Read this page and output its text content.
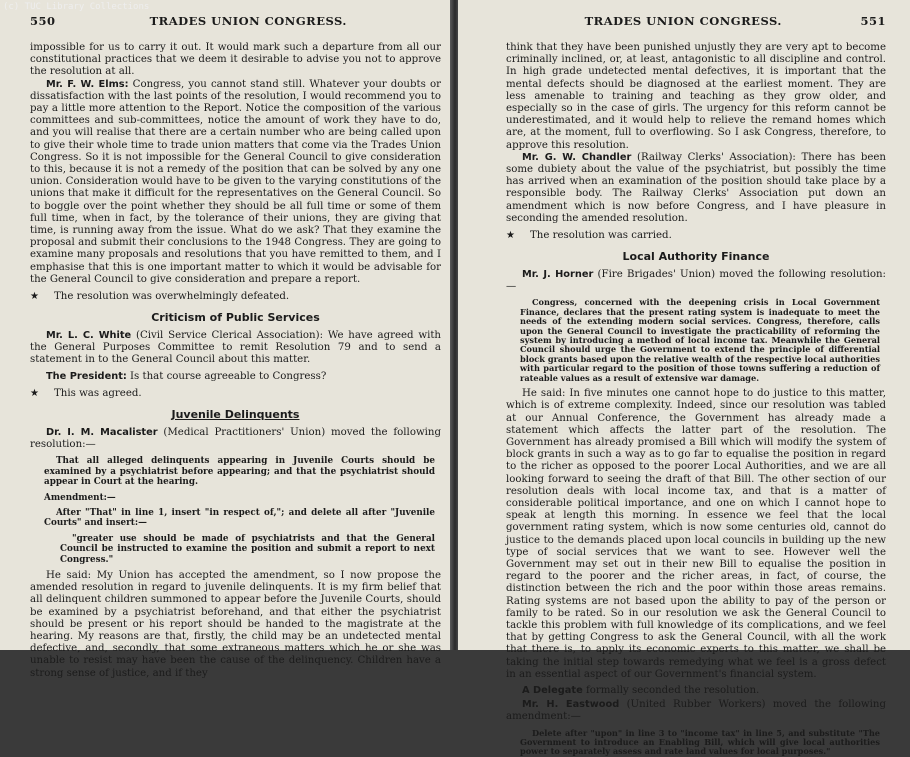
(c) TUC Library Collections
550	TRADES UNION CONGRESS.

impossible for us to carry it out. It would mark such a departure from all our constitutional practices that we deem it desirable to advise you not to approve the resolution at all.

Mr. F. W. Elms: Congress, you cannot stand still. Whatever your doubts or dissatisfaction with the last points of the resolution, I would recommend you to pay a little more attention to the Report. Notice the composition of the various committees and sub-committees, notice the amount of work they have to do, and you will realise that there are a certain number who are being called upon to give their whole time to trade union matters that come via the Trades Union Congress. So it is not impossible for the General Council to give consideration to this, because it is not a remedy of the position that can be solved by any one union. Consideration would have to be given to the varying constitutions of the unions that make it difficult for the representatives on the General Council. So to boggle over the point whether they should be all full time or some of them full time, when in fact, by the tolerance of their unions, they are giving that time, is running away from the issue. What do we ask? That they examine the proposal and submit their conclusions to the 1948 Congress. They are going to examine many proposals and resolutions that you have remitted to them, and I emphasise that this is one important matter to which it would be advisable for the General Council to give consideration and prepare a report.

★ The resolution was overwhelmingly defeated.
Criticism of Public Services

Mr. L. C. White (Civil Service Clerical Association): We have agreed with the General Purposes Committee to remit Resolution 79 and to send a statement in to the General Council about this matter.

The President: Is that course agreeable to Congress?

★ This was agreed.
Juvenile Delinquents

Dr. I. M. Macalister (Medical Practitioners' Union) moved the following resolution:—

That all alleged delinquents appearing in Juvenile Courts should be examined by a psychiatrist before appearing; and that the psychiatrist should appear in Court at the hearing.

Amendment:—

After "That" in line 1, insert "in respect of,"; and delete all after "Juvenile Courts" and insert:—

"greater use should be made of psychiatrists and that the General Council be instructed to examine the position and submit a report to next Congress."

He said: My Union has accepted the amendment, so I now propose the amended resolution in regard to juvenile delinquents. It is my firm belief that all delinquent children summoned to appear before the Juvenile Courts, should be examined by a psychiatrist beforehand, and that either the psychiatrist should be present or his report should be handed to the magistrate at the hearing. My reasons are that, firstly, the child may be an undetected mental defective, and, secondly, that some extraneous matters which he or she was unable to resist may have been the cause of the delinquency. Children have a strong sense of justice, and if they

TRADES UNION CONGRESS.	551

think that they have been punished unjustly they are very apt to become criminally inclined, or, at least, antagonistic to all discipline and control. In high grade undetected mental defectives, it is important that the mental defects should be diagnosed at the earliest moment. They are less amenable to training and teaching as they grow older, and especially so in the case of girls. The urgency for this reform cannot be underestimated, and it would help to relieve the remand homes which are, at the moment, full to overflowing. So I ask Congress, therefore, to approve this resolution.

Mr. G. W. Chandler (Railway Clerks' Association): There has been some dubiety about the value of the psychiatrist, but possibly the time has arrived when an examination of the position should take place by a responsible body. The Railway Clerks' Association put down an amendment which is now before Congress, and I have pleasure in seconding the amended resolution.

★ The resolution was carried.
Local Authority Finance

Mr. J. Horner (Fire Brigades' Union) moved the following resolution:—

Congress, concerned with the deepening crisis in Local Government Finance, declares that the present rating system is inadequate to meet the needs of the extending modern social services. Congress, therefore, calls upon the General Council to investigate the practicability of reforming the system by introducing a method of local income tax. Meanwhile the General Council should urge the Government to extend the principle of differential block grants based upon the relative wealth of the respective local authorities with particular regard to the position of those towns suffering a reduction of rateable values as a result of extensive war damage.

He said: In five minutes one cannot hope to do justice to this matter, which is of extreme complexity. Indeed, since our resolution was tabled at our Annual Conference, the Government has already made a statement which affects the latter part of the resolution. The Government has already promised a Bill which will modify the system of block grants in such a way as to go far to equalise the position in regard to the richer as opposed to the poorer Local Authorities, and we are all looking forward to seeing the draft of that Bill. The other section of our resolution deals with local income tax, and that is a matter of considerable political importance, and one on which I cannot hope to speak at length this morning. In essence we feel that the local government rating system, which is now some centuries old, cannot do justice to the demands placed upon local councils in building up the new type of social services that we want to see. However well the Government may set out in their new Bill to equalise the position in regard to the poorer and the richer areas, in fact, of course, the distinction between the rich and the poor within those areas remains. Rating systems are not based upon the ability to pay of the person or family to be rated. So in our resolution we ask the General Council to tackle this problem with full knowledge of its complications, and we feel that by getting Congress to ask the General Council, with all the work that there is, to apply its economic experts to this matter, we shall be taking the initial step towards remedying what we feel is a gross defect in an essential aspect of our Government's financial system.

A Delegate formally seconded the resolution.

Mr. H. Eastwood (United Rubber Workers) moved the following amendment:—

Delete after "upon" in line 3 to "income tax" in line 5, and substitute "The Government to introduce an Enabling Bill, which will give local authorities power to separately assess and rate land values for local purposes."
